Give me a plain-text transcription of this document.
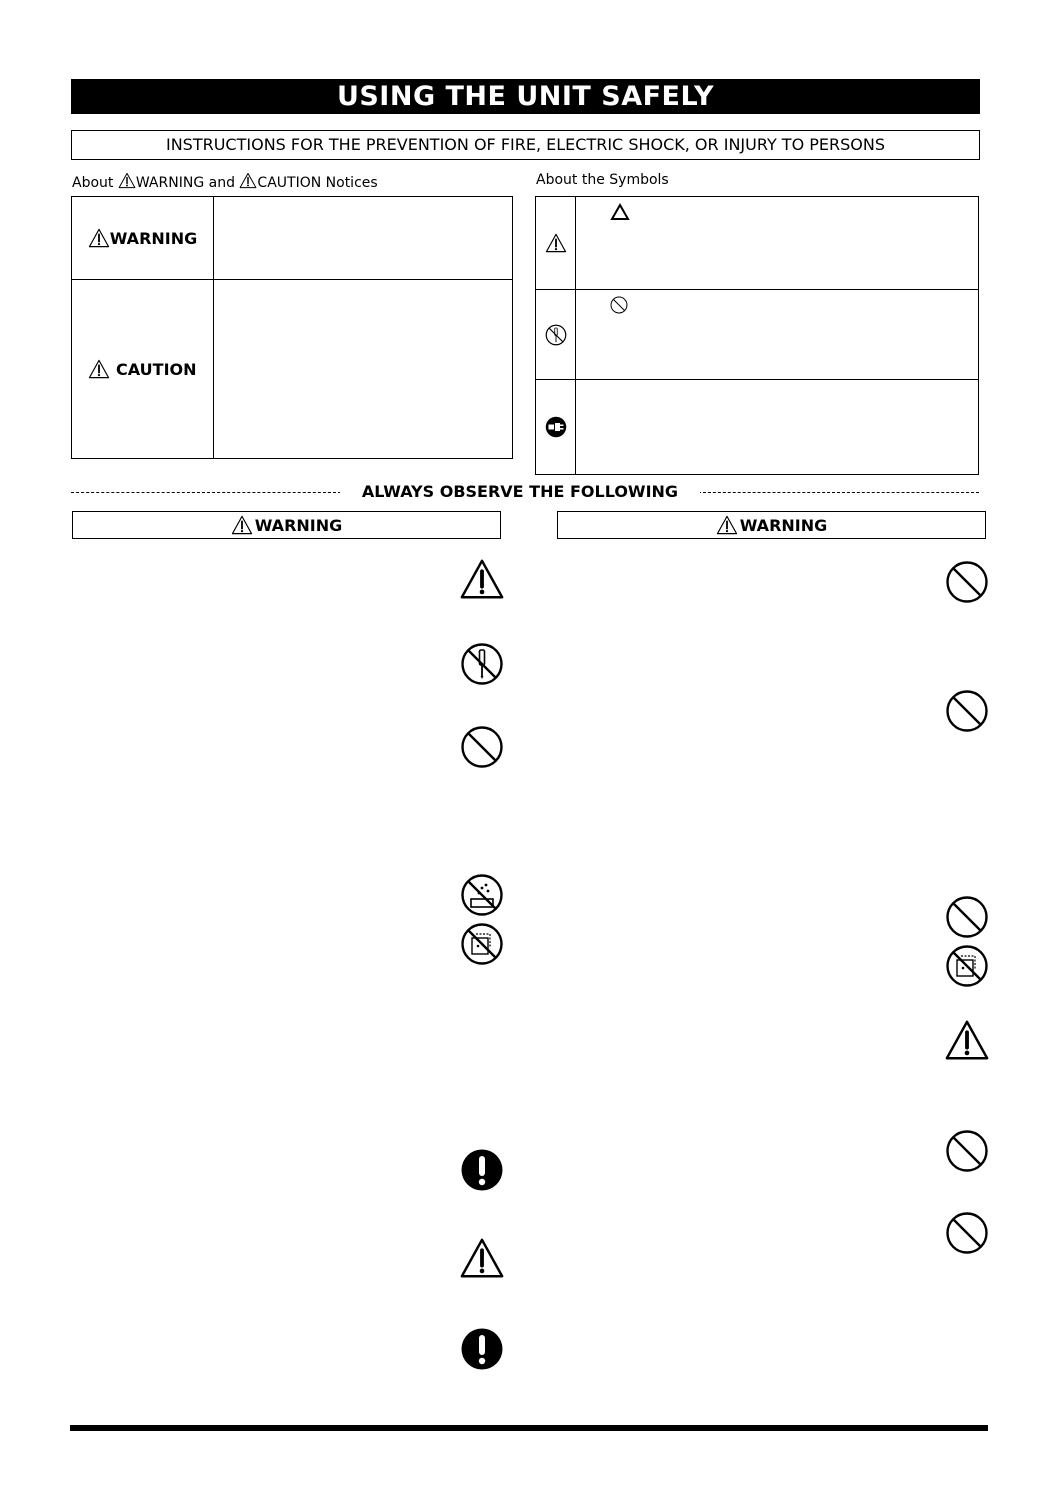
USING THE UNIT SAFELY
INSTRUCTIONS FOR THE PREVENTION OF FIRE, ELECTRIC SHOCK, OR INJURY TO PERSONS
About WARNING and CAUTION Notices	About the Symbols
WARNING

CAUTION
ALWAYS OBSERVE THE FOLLOWING
WARNING	WARNING
